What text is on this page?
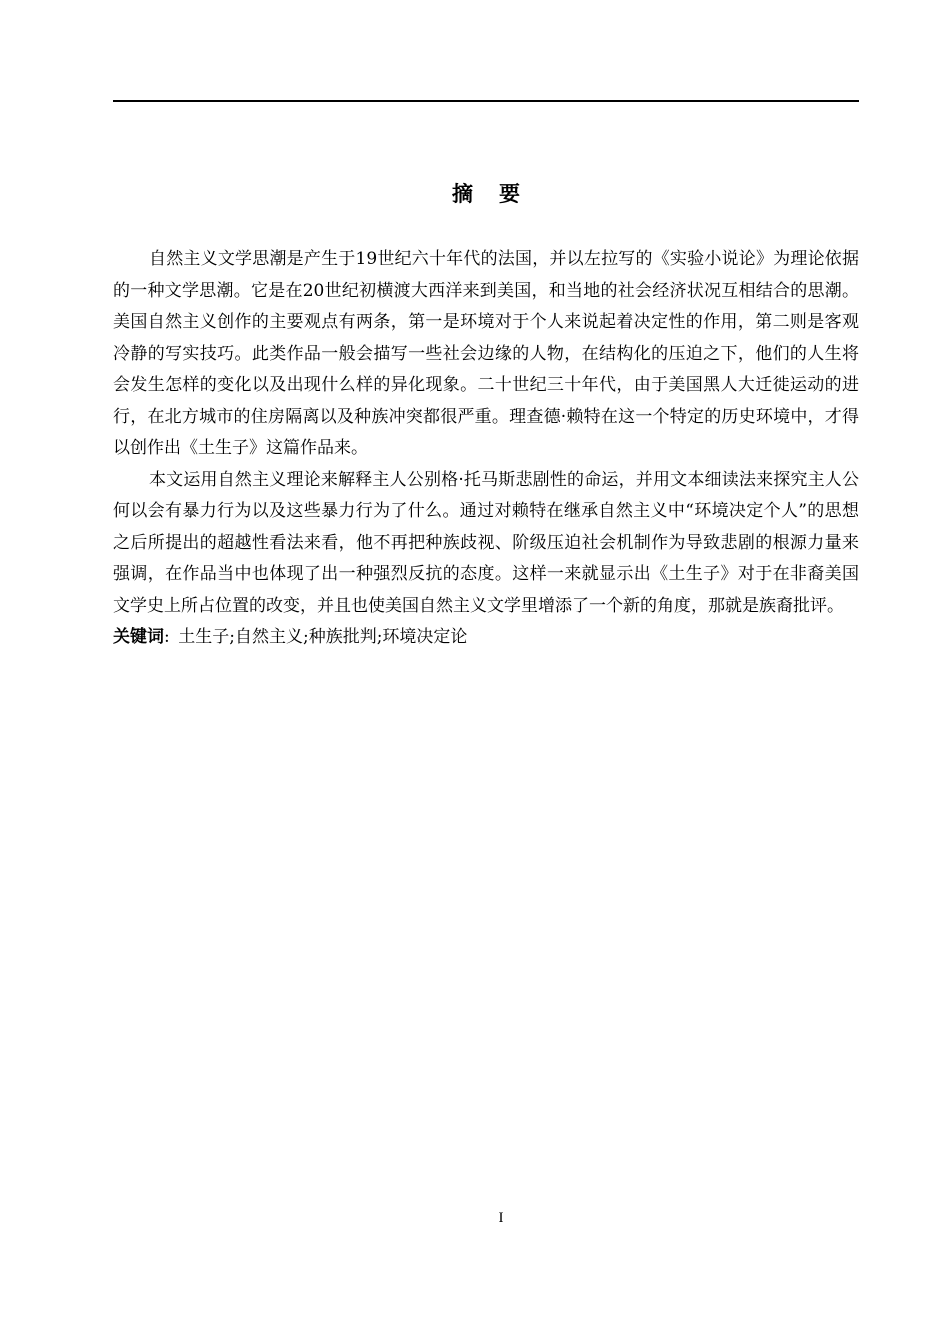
摘 要

自然主义文学思潮是产生于19世纪六十年代的法国，并以左拉写的《实验小说论》为理论依据的一种文学思潮。它是在20世纪初横渡大西洋来到美国，和当地的社会经济状况互相结合的思潮。美国自然主义创作的主要观点有两条，第一是环境对于个人来说起着决定性的作用，第二则是客观冷静的写实技巧。此类作品一般会描写一些社会边缘的人物，在结构化的压迫之下，他们的人生将会发生怎样的变化以及出现什么样的异化现象。二十世纪三十年代，由于美国黑人大迁徙运动的进行，在北方城市的住房隔离以及种族冲突都很严重。理查德·赖特在这一个特定的历史环境中，才得以创作出《土生子》这篇作品来。

本文运用自然主义理论来解释主人公别格·托马斯悲剧性的命运，并用文本细读法来探究主人公何以会有暴力行为以及这些暴力行为了什么。通过对赖特在继承自然主义中“环境决定个人”的思想之后所提出的超越性看法来看，他不再把种族歧视、阶级压迫社会机制作为导致悲剧的根源力量来强调，在作品当中也体现了出一种强烈反抗的态度。这样一来就显示出《土生子》对于在非裔美国文学史上所占位置的改变，并且也使美国自然主义文学里增添了一个新的角度，那就是族裔批评。

关键词:  土生子;自然主义;种族批判;环境决定论

I
